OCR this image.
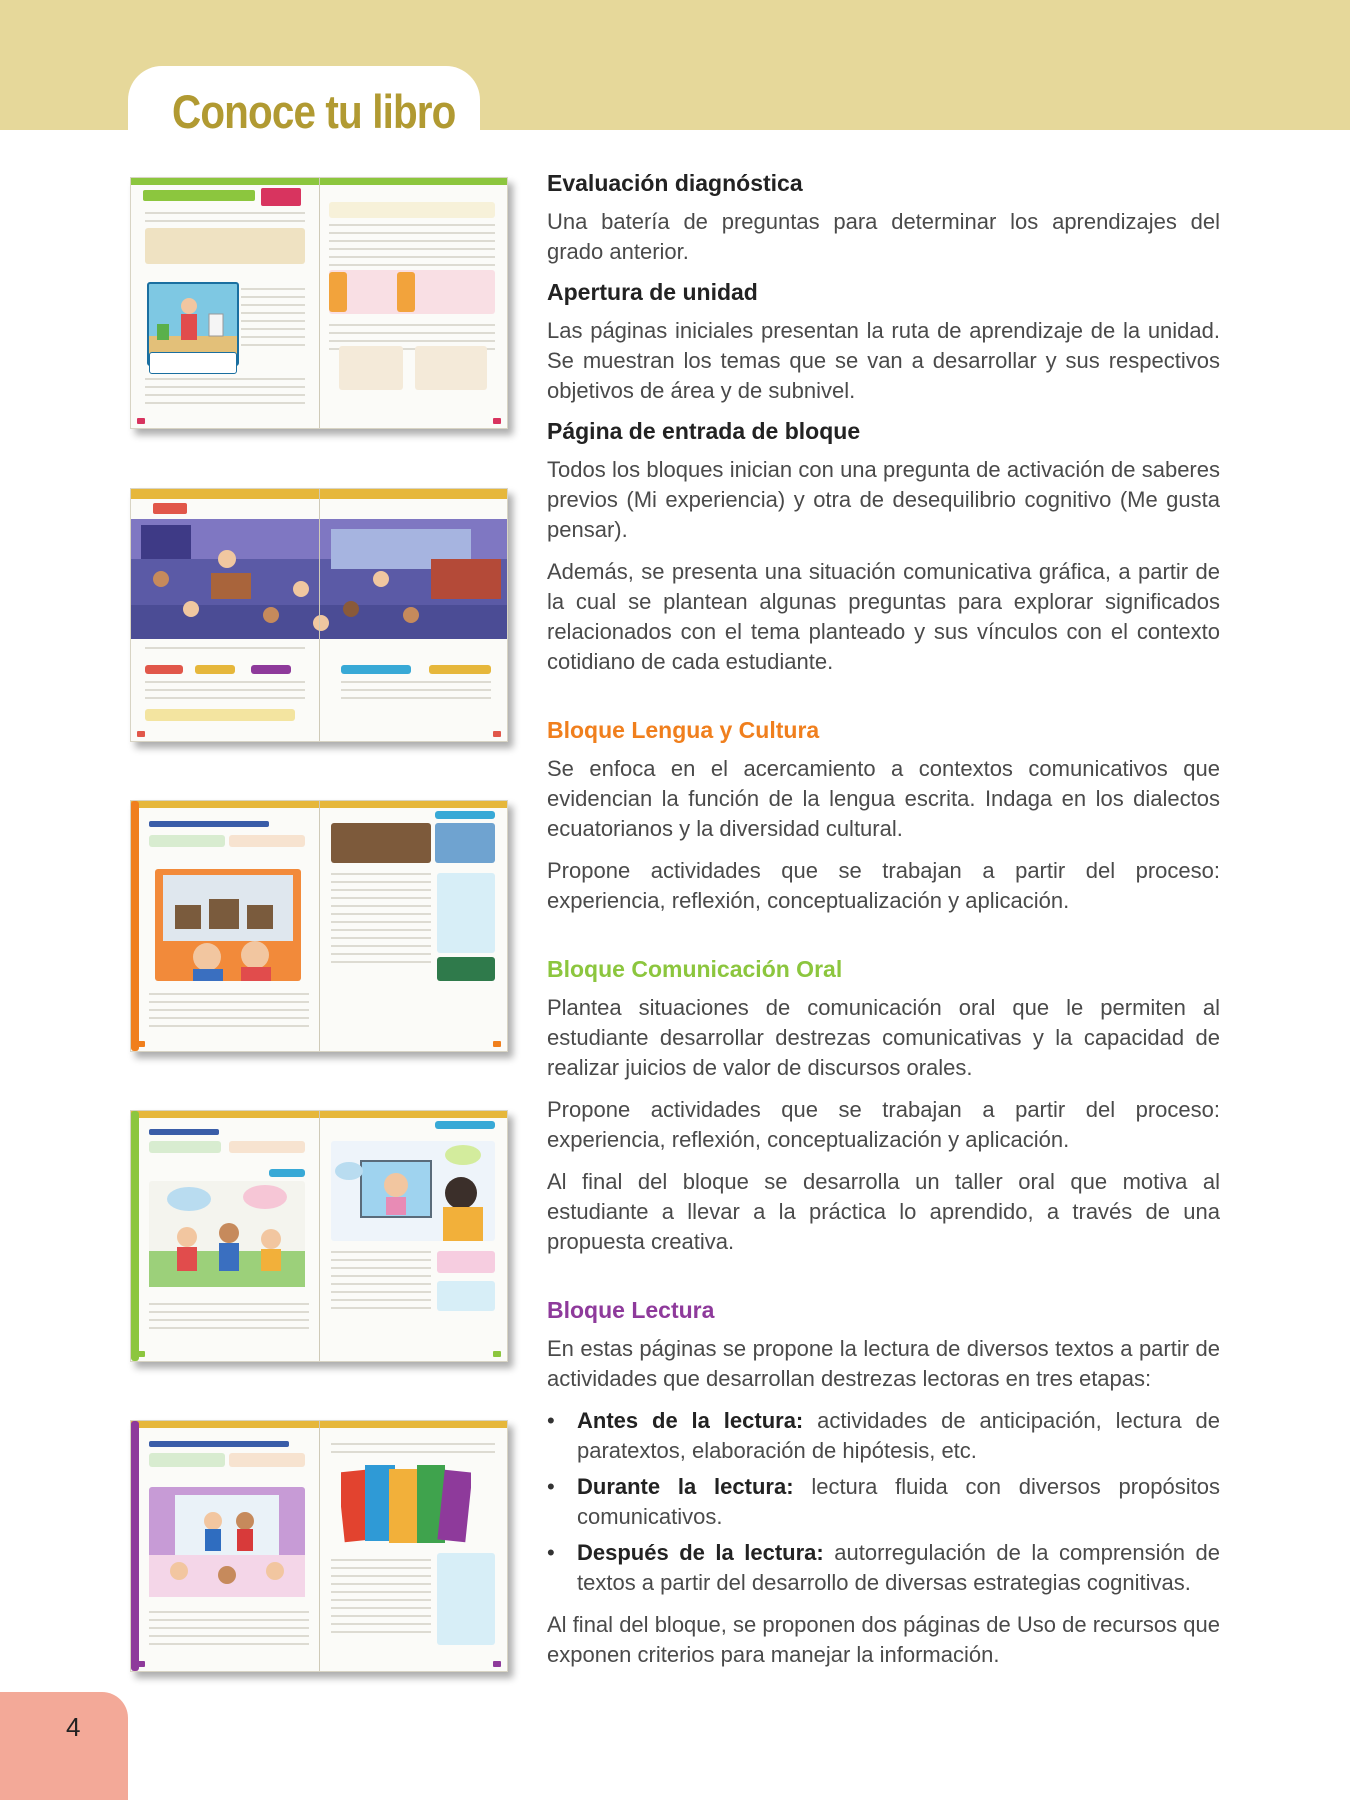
Conoce tu libro
Evaluación diagnóstica
Una batería de preguntas para determinar los aprendizajes del grado anterior.
Apertura de unidad
Las páginas iniciales presentan la ruta de aprendizaje de la unidad. Se muestran los temas que se van a desarrollar y sus respectivos objetivos de área y de subnivel.
Página de entrada de bloque
Todos los bloques inician con una pregunta de activación de saberes previos (Mi experiencia) y otra de desequilibrio cognitivo (Me gusta pensar).
Además, se presenta una situación comunicativa gráfica, a partir de la cual se plantean algunas preguntas para explorar significados relacionados con el tema planteado y sus vínculos con el contexto cotidiano de cada estudiante.
Bloque Lengua y Cultura
Se enfoca en el acercamiento a contextos comunicativos que evidencian la función de la lengua escrita. Indaga en los dialectos ecuatorianos y la diversidad cultural.
Propone actividades que se trabajan a partir del proceso: experiencia, reflexión, conceptualización y aplicación.
Bloque Comunicación Oral
Plantea situaciones de comunicación oral que le permiten al estudiante desarrollar destrezas comunicativas y la capacidad de realizar juicios de valor de discursos orales.
Propone actividades que se trabajan a partir del proceso: experiencia, reflexión, conceptualización y aplicación.
Al final del bloque se desarrolla un taller oral que motiva al estudiante a llevar a la práctica lo aprendido, a través de una propuesta creativa.
Bloque Lectura
En estas páginas se propone la lectura de diversos textos a partir de actividades que desarrollan destrezas lectoras en tres etapas:
• Antes de la lectura: actividades de anticipación, lectura de paratextos, elaboración de hipótesis, etc.
• Durante la lectura: lectura fluida con diversos propósitos comunicativos.
• Después de la lectura: autorregulación de la comprensión de textos a partir del desarrollo de diversas estrategias cognitivas.
Al final del bloque, se proponen dos páginas de Uso de recursos que exponen criterios para manejar la información.
4
